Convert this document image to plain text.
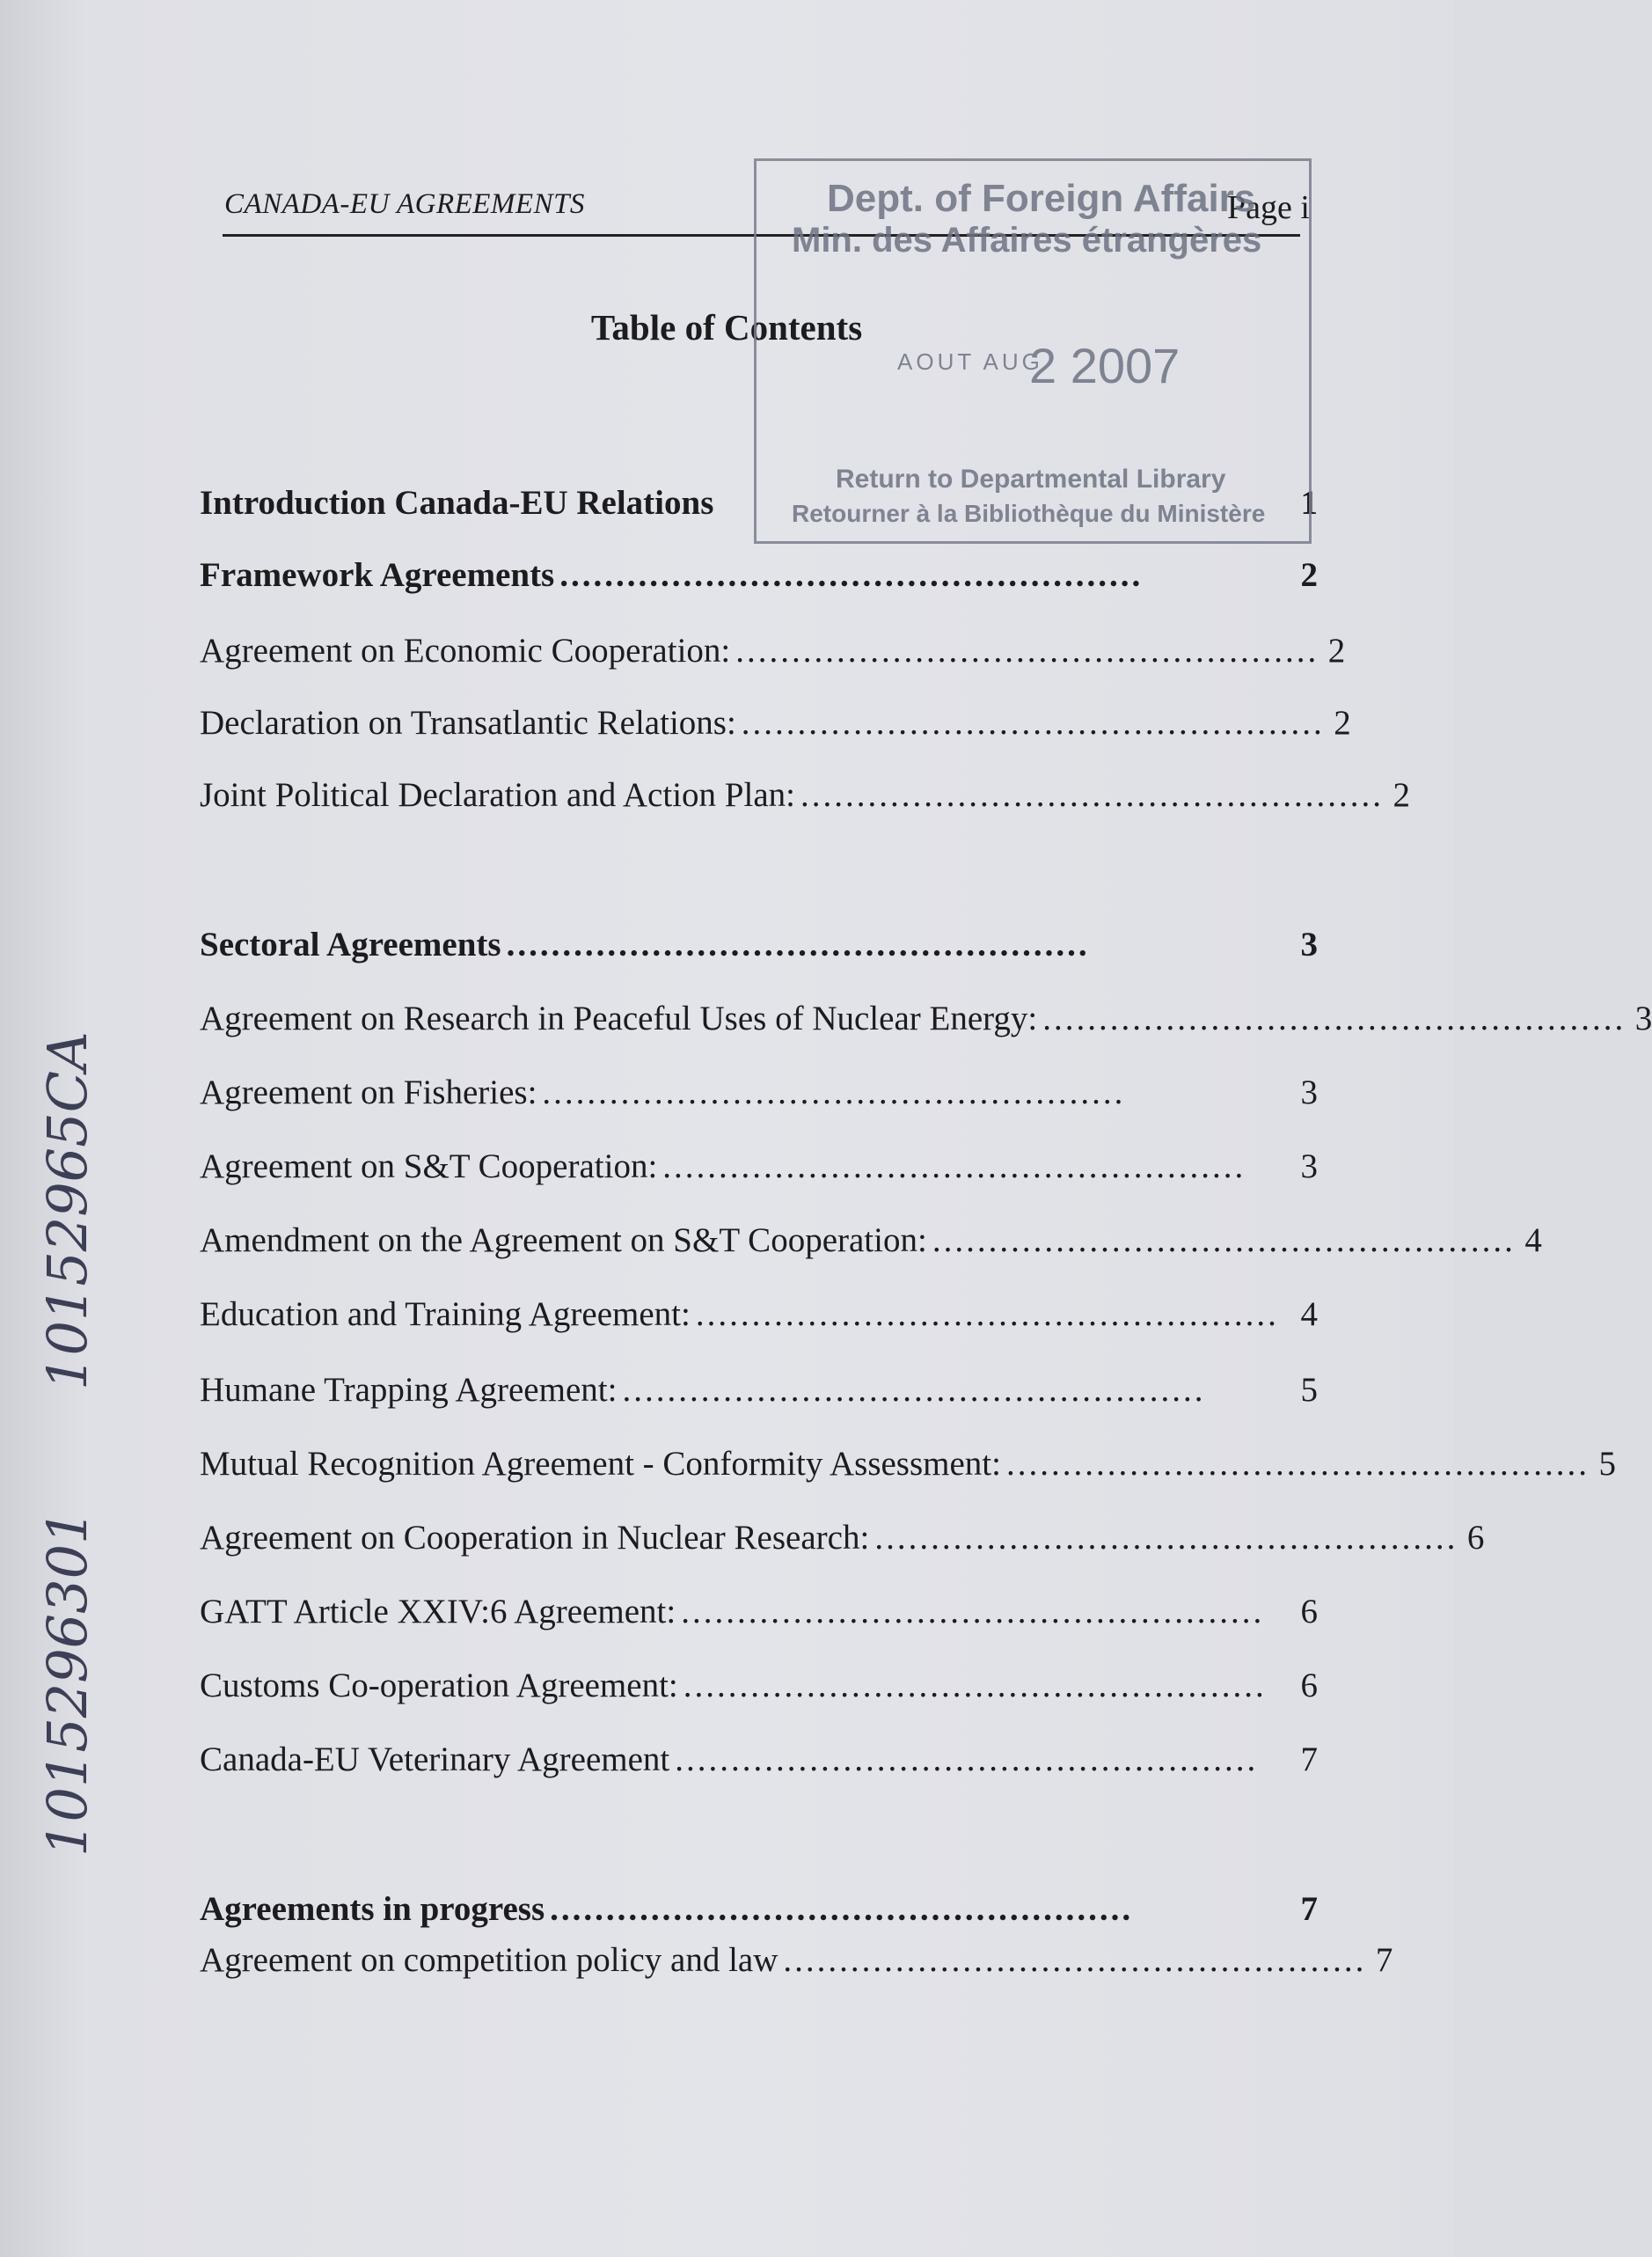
CANADA-EU AGREEMENTS	Page i
Table of Contents
Introduction Canada-EU Relations	1
Framework Agreements ....................................................	2
Agreement on Economic Cooperation: .................................................... 2
Declaration on Transatlantic Relations: .................................................... 2
Joint Political Declaration and Action Plan: .................................................... 2
Sectoral Agreements ....................................................	3
Agreement on Research in Peaceful Uses of Nuclear Energy: .................................................... 3
Agreement on Fisheries: ....................................................	3
Agreement on S&T Cooperation: ....................................................	3
Amendment on the Agreement on S&T Cooperation: .................................................... 4
Education and Training Agreement: .................................................... 4
Humane Trapping Agreement: ....................................................	5
Mutual Recognition Agreement - Conformity Assessment: .................................................... 5
Agreement on Cooperation in Nuclear Research: .................................................... 6
GATT Article XXIV:6 Agreement: ....................................................	6
Customs Co-operation Agreement: .................................................... 6
Canada-EU Veterinary Agreement ....................................................	7
Agreements in progress ....................................................	7
Agreement on competition policy and law .................................................... 7
Dept. of Foreign Affairs
Min. des Affaires étrangères
AOUT AUG
2 2007
Return to Departmental Library
Retourner à la Bibliothèque du Ministère
10152965CA
1015296301
